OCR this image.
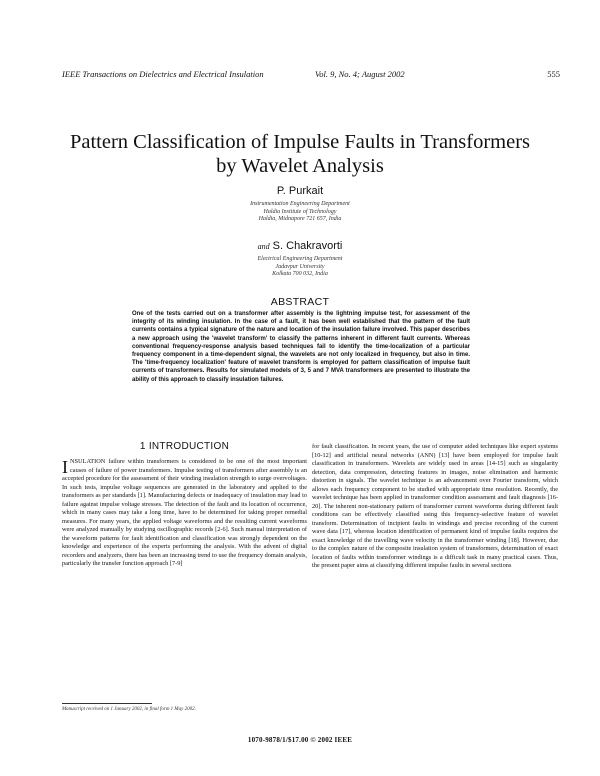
IEEE Transactions on Dielectrics and Electrical Insulation	Vol. 9, No. 4; August 2002	555
Pattern Classification of Impulse Faults in Transformers
by Wavelet Analysis
P. Purkait
Instrumentation Engineering Department
Haldia Institute of Technology
Haldia, Midnapore 721 657, India
and S. Chakravorti
Electrical Engineering Department
Jadavpur University
Kolkata 700 032, India
ABSTRACT

One of the tests carried out on a transformer after assembly is the lightning impulse test, for assessment of the integrity of its winding insulation. In the case of a fault, it has been well established that the pattern of the fault currents contains a typical signature of the nature and location of the insulation failure involved. This paper describes a new approach using the 'wavelet transform' to classify the patterns inherent in different fault currents. Whereas conventional frequency-response analysis based techniques fail to identify the time-localization of a particular frequency component in a time-dependent signal, the wavelets are not only localized in frequency, but also in time. The 'time-frequency localization' feature of wavelet transform is employed for pattern classification of impulse fault currents of transformers. Results for simulated models of 3, 5 and 7 MVA transformers are presented to illustrate the ability of this approach to classify insulation failures.

1 INTRODUCTION

INSULATION failure within transformers is considered to be one of the most important causes of failure of power transformers. Impulse testing of transformers after assembly is an accepted procedure for the assessment of their winding insulation strength to surge overvoltages. In such tests, impulse voltage sequences are generated in the laboratory and applied to the transformers as per standards [1]. Manufacturing defects or inadequacy of insulation may lead to failure against impulse voltage stresses. The detection of the fault and its location of occurrence, which in many cases may take a long time, have to be determined for taking proper remedial measures. For many years, the applied voltage waveforms and the resulting current waveforms were analyzed manually by studying oscillographic records [2-6]. Such manual interpretation of the waveform patterns for fault identification and classification was strongly dependent on the knowledge and experience of the experts performing the analysis. With the advent of digital recorders and analyzers, there has been an increasing trend to use the frequency domain analysis, particularly the transfer function approach [7-9]

for fault classification. In recent years, the use of computer aided techniques like expert systems [10-12] and artificial neural networks (ANN) [13] have been employed for impulse fault classification in transformers. Wavelets are widely used in areas [14-15] such as singularity detection, data compression, detecting features in images, noise elimination and harmonic distortion in signals. The wavelet technique is an advancement over Fourier transform, which allows each frequency component to be studied with appropriate time resolution. Recently, the wavelet technique has been applied in transformer condition assessment and fault diagnosis [16-20]. The inherent non-stationary pattern of transformer current waveforms during different fault conditions can be effectively classified using this frequency-selective feature of wavelet transform. Determination of incipient faults in windings and precise recording of the current wave data [17], whereas location identification of permanent kind of impulse faults requires the exact knowledge of the travelling wave velocity in the transformer winding [18]. However, due to the complex nature of the composite insulation system of transformers, determination of exact location of faults within transformer windings is a difficult task in many practical cases. Thus, the present paper aims at classifying different impulse faults in several sections

Manuscript received on 1 January 2002, in final form 1 May 2002.
1070-9878/1/$17.00 © 2002 IEEE
